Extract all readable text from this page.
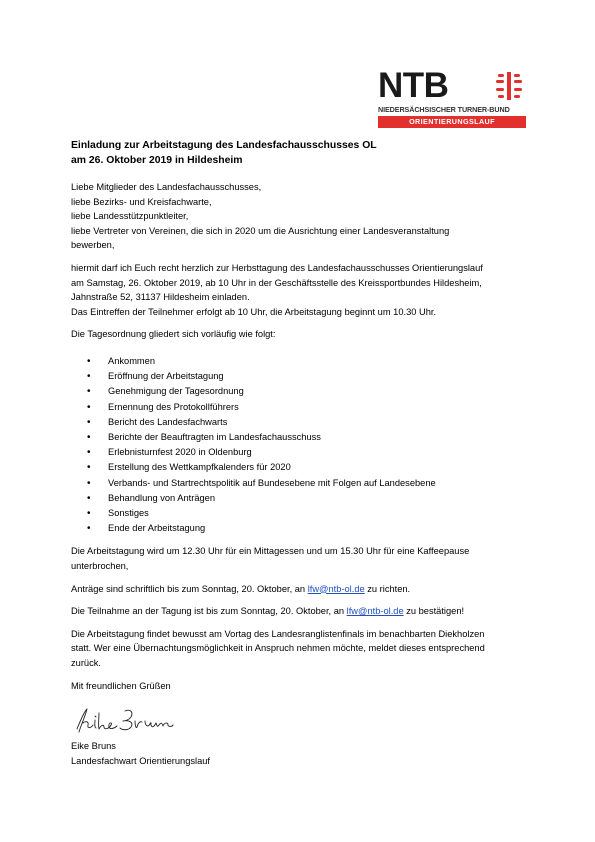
NTB
NIEDERSÄCHSISCHER TURNER-BUND
ORIENTIERUNGSLAUF

Einladung zur Arbeitstagung des Landesfachausschusses OL
am 26. Oktober 2019 in Hildesheim

Liebe Mitglieder des Landesfachausschusses,
liebe Bezirks- und Kreisfachwarte,
liebe Landesstützpunktleiter,
liebe Vertreter von Vereinen, die sich in 2020 um die Ausrichtung einer Landesveranstaltung
bewerben,

hiermit darf ich Euch recht herzlich zur Herbsttagung des Landesfachausschusses Orientierungslauf
am Samstag, 26. Oktober 2019, ab 10 Uhr in der Geschäftsstelle des Kreissportbundes Hildesheim,
Jahnstraße 52, 31137 Hildesheim einladen.
Das Eintreffen der Teilnehmer erfolgt ab 10 Uhr, die Arbeitstagung beginnt um 10.30 Uhr.

Die Tagesordnung gliedert sich vorläufig wie folgt:

• Ankommen
• Eröffnung der Arbeitstagung
• Genehmigung der Tagesordnung
• Ernennung des Protokollführers
• Bericht des Landesfachwarts
• Berichte der Beauftragten im Landesfachausschuss
• Erlebnisturnfest 2020 in Oldenburg
• Erstellung des Wettkampfkalenders für 2020
• Verbands- und Startrechtspolitik auf Bundesebene mit Folgen auf Landesebene
• Behandlung von Anträgen
• Sonstiges
• Ende der Arbeitstagung

Die Arbeitstagung wird um 12.30 Uhr für ein Mittagessen und um 15.30 Uhr für eine Kaffeepause
unterbrochen,

Anträge sind schriftlich bis zum Sonntag, 20. Oktober, an lfw@ntb-ol.de zu richten.

Die Teilnahme an der Tagung ist bis zum Sonntag, 20. Oktober, an lfw@ntb-ol.de zu bestätigen!

Die Arbeitstagung findet bewusst am Vortag des Landesranglistenfinals im benachbarten Diekholzen
statt. Wer eine Übernachtungsmöglichkeit in Anspruch nehmen möchte, meldet dieses entsprechend
zurück.

Mit freundlichen Grüßen

Eike Bruns
Landesfachwart Orientierungslauf
